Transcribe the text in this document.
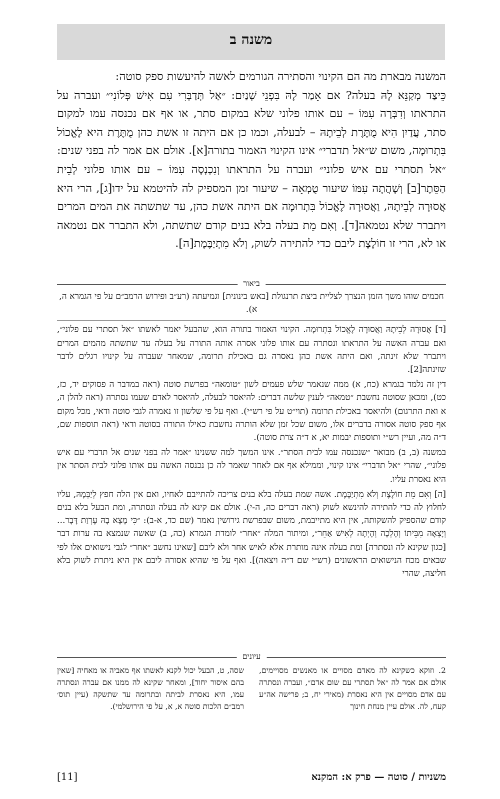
משנה ב

המשנה מבארת מה הם הקינוי והסתירה הגורמים לאשה להיעשות ספק סוטה:

כֵּיצַד מְקַנֵּא לָהּ בעלה? אם אָמַר לָהּ בִּפְנֵי שְׁנַיִם: ״אַל תְּדַבְּרִי עִם אִישׁ פְּלוֹנִי״ ועברה על התראתו וְדִבְּרָה עִמּוֹ – עם אותו פלוני שלא במקום סתר, או אף אם נכנסה עמו למקום סתר, עֲדַיִן הִיא מֻתֶּרֶת לְבֵיתָהּ – לבעלה, וכמו כן אם היתה זו אשת כהן מֻתֶּרֶת היא לֶאֱכוֹל בִּתְרוּמָה, משום ש״אל תדברי״ אינו הקינוי האמור בתורה[א]. אולם אם אמר לה בפני שנים: ״אל תסתרי עם איש פלוני״ ועברה על התראתו וְנִכְנְסָה עִמּוֹ – עם אותו פלוני לְבֵית הַסֵּתֶר[ב] וְשָׁהֲתָה עִמּוֹ שיעור טֻמְאָה – שיעור זמן המספיק לה להיטמא על ידו[ג], הרי היא אֲסוּרָה לְבֵיתָהּ, וַאֲסוּרָה לֶאֱכוֹל בִּתְרוּמָה אם היתה אשת כהן, עד שתשתה את המים המרים ויתברר שלא נטמאה[ד]. וְאִם מֵת בעלה בלא בנים קודם שתשתה, ולא התברר אם נטמאה או לא, הרי זו חוֹלֶצֶת ליבם כדי להתירה לשוק, וְלֹא מִתְיַבֶּמֶת[ה].

ביאור

חכמים שוהו משך הזמן הנצרך לצליית ביצת תרנגולת [באש בינונית] וגמיעתה (רע״ב ופירוש הרמב״ם על פי הגמרא ה, א).

[ד] אֲסוּרָה לְבֵיתָהּ וַאֲסוּרָה לֶאֱכוֹל בִּתְרוּמָה. הקינוי האמור בתורה הוא, שהבעל יאמר לאשתו ״אל תסתרי עם פלוני״, ואם עברה האשה על התראתו ונסתרה עם אותו פלוני אסרה אותה התורה על בעלה עד שתשתה מהמים המרים ויתברר שלא זינתה, ואם היתה אשת כהן נאסרה גם באכילת תרומה, שמאחר שעברה על קינויו רגלים לדבר שזינתה[2].

דין זה נלמד בגמרא (כח, א) ממה שנאמר שלש פעמים לשון ״טומאה״ בפרשת סוטה (ראה במדבר ה פסוקים יד, כז, כט), ומכאן שסוטה נחשבת ״טמאה״ לענין שלשה דברים: להיאסר לבעלה, להיאסר לאדם שעמו נסתרה (ראה להלן ה, א ואת התרגום) ולהיאסר באכילת תרומה (תוי״ט על פי רש״י). ואף על פי שלשון זו נאמרה לגבי סוטה ודאי, מכל מקום אף ספק סוטה אסורה בדברים אלו, משום שכל זמן שלא הותרה נחשבת כאילו התורה בסוטה ודאי (ראה תוספות שם, ד״ה מה, ועיין רש״י ותוספות יבמות יא, א ד״ה צרת סוטה).

במשנה (ב, ב) מבואר ״שנכנסה עמו לבית הסתר״. אינו המשך למה ששנינו ״אמר לה בפני שנים אל תדברי עם איש פלוני״, שהרי ״אל תדברי״ אינו קינוי, וממילא אף אם לאחר שאמר לה כן נכנסה האשה עם אותו פלוני לבית הסתר אין היא נאסרת עליו.

[ה] וְאִם מֵת חוֹלֶצֶת וְלֹא מִתְיַבֶּמֶת. אשה שמת בעלה בלא בנים צריכה להתייבם לאחיו, ואם אין הלה חפץ לְיַבְּמָהּ, עליו לחלוץ לה כדי להתירה להינשא לשוק (ראה דברים כה, ה-י). אולם אם קינא לה בעלה ונסתרה, ומת הבעל בלא בנים קודם שהספיק להשקותה, אין היא מתייבמת, משום שבפרשת גירושין נאמר (שם כד, א-ב): ״כִּי מָצָא בָהּ עֶרְוַת דָּבָר... וְיָצְאָה מִבֵּיתוֹ וְהָלְכָה וְהָיְתָה לְאִישׁ אַחֵר״, ומיתור המלה ״אחר״ לומדת הגמרא (כה, ב) שאשה שנמצא בה ערות דבר [כגון שקינא לה ונסתרה] ומת בעלה אינה מותרת אלא לאיש אחר ולא ליבם [שאינו נחשב ״אחר״ לגבי נישואים אלו לפי שבאים מכח הנישואים הראשונים (רש״י שם ד״ה ויצאה)]. ואף על פי שהיא אסורה ליבם אין היא ניתרת לשוק בלא חליצה, שהרי

עיונים
2. וזוקא כשקינא לה מאדם מסויים או מאנשים מסויימים, אולם אם אמר לה ״אל תסתרי עם שום אדם״, ועברה ונסתרה עם אדם מסויים אין היא נאסרת (מאירי יח, ב; פרישה אה״ע קעח, לה. אולם עיין מנחת חינוך
שסה, ט, הבעל יכול לקנא לאשתו אף מאביה או מאחיה [שאין בהם איסור יחוד], ומאחר שקינא לה ממנו אם עברה ונסתרה עמו, היא נאסרת לביתה ובתרומה עד שתשקה (עיין תוס׳ רמב״ם הלכות סוטה א, א, על פי הירושלמי).
משניות / סוטה — פרק א: המקנא
[11]
